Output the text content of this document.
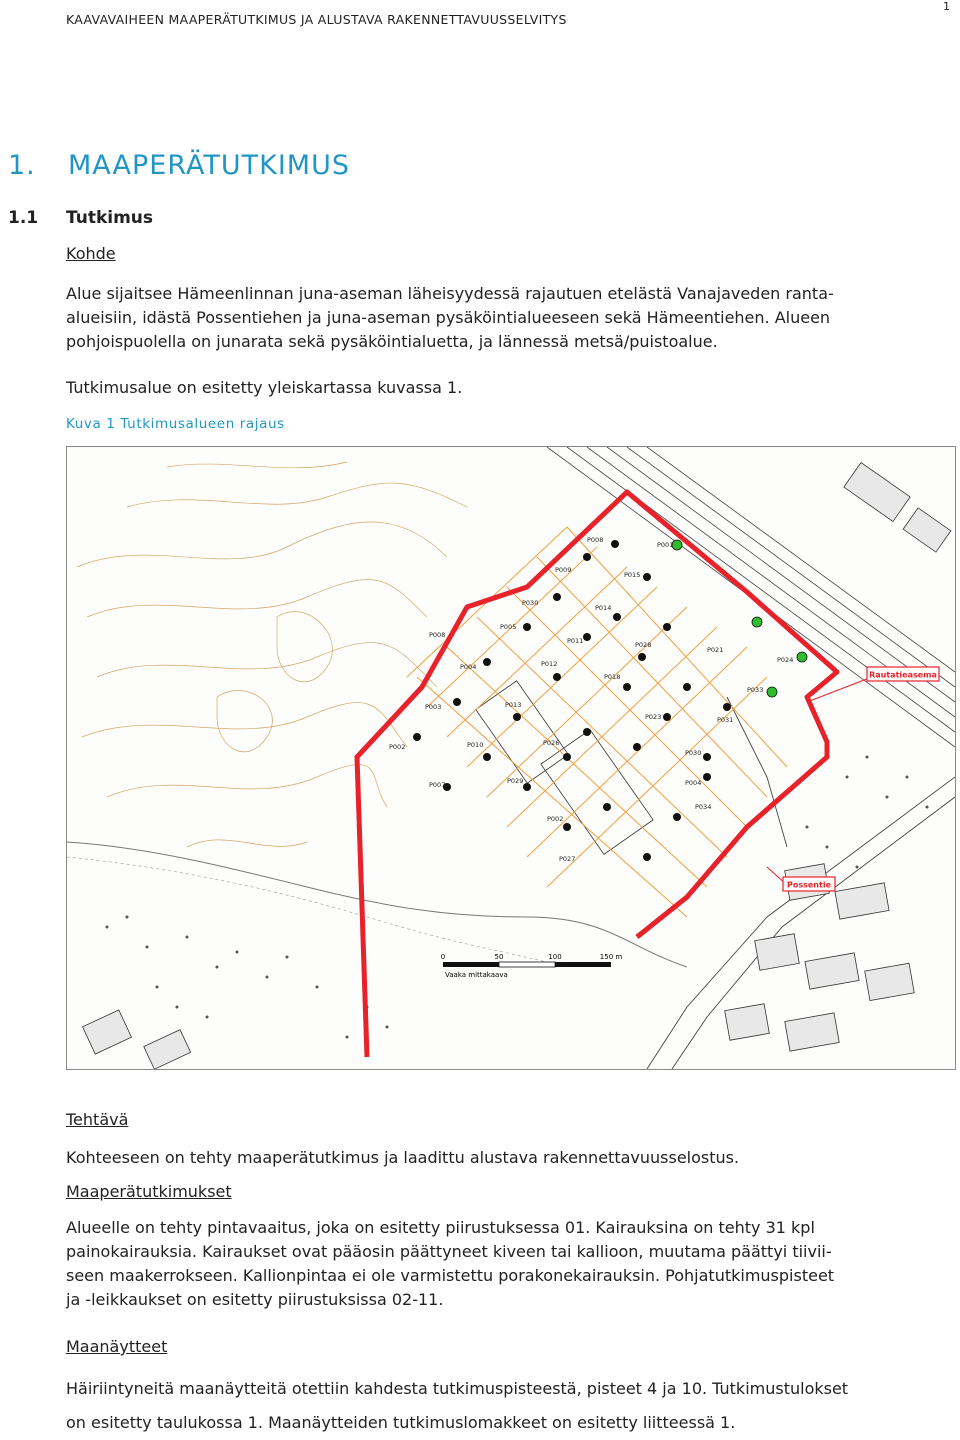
KAAVAVAIHEEN MAAPERÄTUTKIMUS JA ALUSTAVA RAKENNETTAVUUSSELVITYS
1
1. MAAPERÄTUTKIMUS
1.1 Tutkimus
Kohde
Alue sijaitsee Hämeenlinnan juna-aseman läheisyydessä rajautuen etelästä Vanajaveden ranta-
alueisiin, idästä Possentiehen ja juna-aseman pysäköintialueeseen sekä Hämeentiehen. Alueen
pohjoispuolella on junarata sekä pysäköintialuetta, ja lännessä metsä/puistoalue.
Tutkimusalue on esitetty yleiskartassa kuvassa 1.
Kuva 1 Tutkimusalueen rajaus
P008
P001
P009
P015
P030
P014
P005
P011
P008
P012
P004
P018
P013
P003
P023
P028
P031
P002	P010	P026
P030
P007	P029
P034
P002
P027
P004
P033
P021
P024
Rautatieasema
Possentie
0	50	100	150 m
Vaaka mittakaava
Tehtävä
Kohteeseen on tehty maaperätutkimus ja laadittu alustava rakennettavuusselostus.
Maaperätutkimukset
Alueelle on tehty pintavaaitus, joka on esitetty piirustuksessa 01. Kairauksina on tehty 31 kpl
painokairauksia. Kairaukset ovat pääosin päättyneet kiveen tai kallioon, muutama päättyi tiivii-
seen maakerrokseen. Kallionpintaa ei ole varmistettu porakonekairauksin. Pohjatutkimuspisteet
ja -leikkaukset on esitetty piirustuksissa 02-11.
Maanäytteet
Häiriintyneitä maanäytteitä otettiin kahdesta tutkimuspisteestä, pisteet 4 ja 10. Tutkimustulokset
on esitetty taulukossa 1. Maanäytteiden tutkimuslomakkeet on esitetty liitteessä 1.
